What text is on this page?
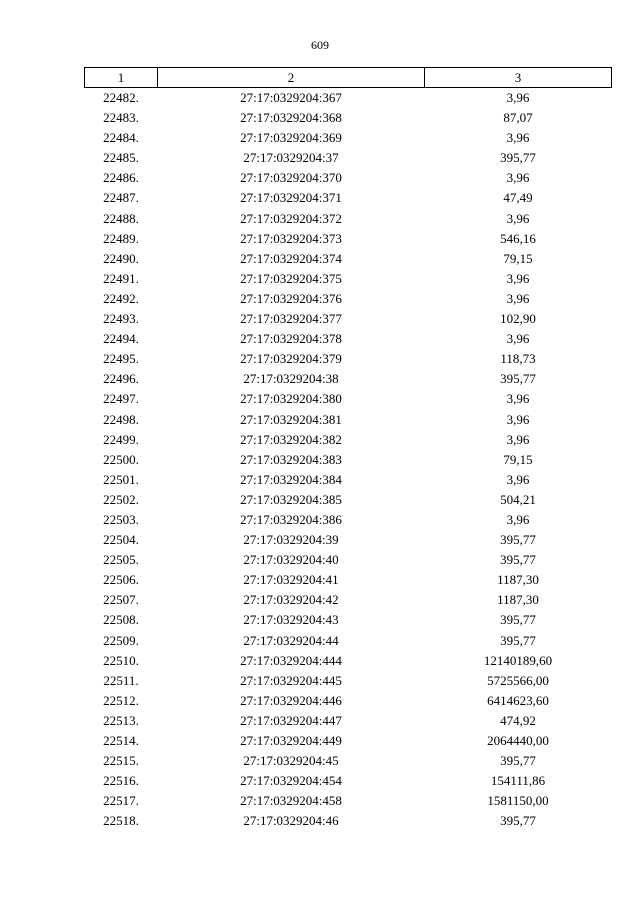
609
1	2	3
22482.	27:17:0329204:367	3,96
22483.	27:17:0329204:368	87,07
22484.	27:17:0329204:369	3,96
22485.	27:17:0329204:37	395,77
22486.	27:17:0329204:370	3,96
22487.	27:17:0329204:371	47,49
22488.	27:17:0329204:372	3,96
22489.	27:17:0329204:373	546,16
22490.	27:17:0329204:374	79,15
22491.	27:17:0329204:375	3,96
22492.	27:17:0329204:376	3,96
22493.	27:17:0329204:377	102,90
22494.	27:17:0329204:378	3,96
22495.	27:17:0329204:379	118,73
22496.	27:17:0329204:38	395,77
22497.	27:17:0329204:380	3,96
22498.	27:17:0329204:381	3,96
22499.	27:17:0329204:382	3,96
22500.	27:17:0329204:383	79,15
22501.	27:17:0329204:384	3,96
22502.	27:17:0329204:385	504,21
22503.	27:17:0329204:386	3,96
22504.	27:17:0329204:39	395,77
22505.	27:17:0329204:40	395,77
22506.	27:17:0329204:41	1187,30
22507.	27:17:0329204:42	1187,30
22508.	27:17:0329204:43	395,77
22509.	27:17:0329204:44	395,77
22510.	27:17:0329204:444	12140189,60
22511.	27:17:0329204:445	5725566,00
22512.	27:17:0329204:446	6414623,60
22513.	27:17:0329204:447	474,92
22514.	27:17:0329204:449	2064440,00
22515.	27:17:0329204:45	395,77
22516.	27:17:0329204:454	154111,86
22517.	27:17:0329204:458	1581150,00
22518.	27:17:0329204:46	395,77
